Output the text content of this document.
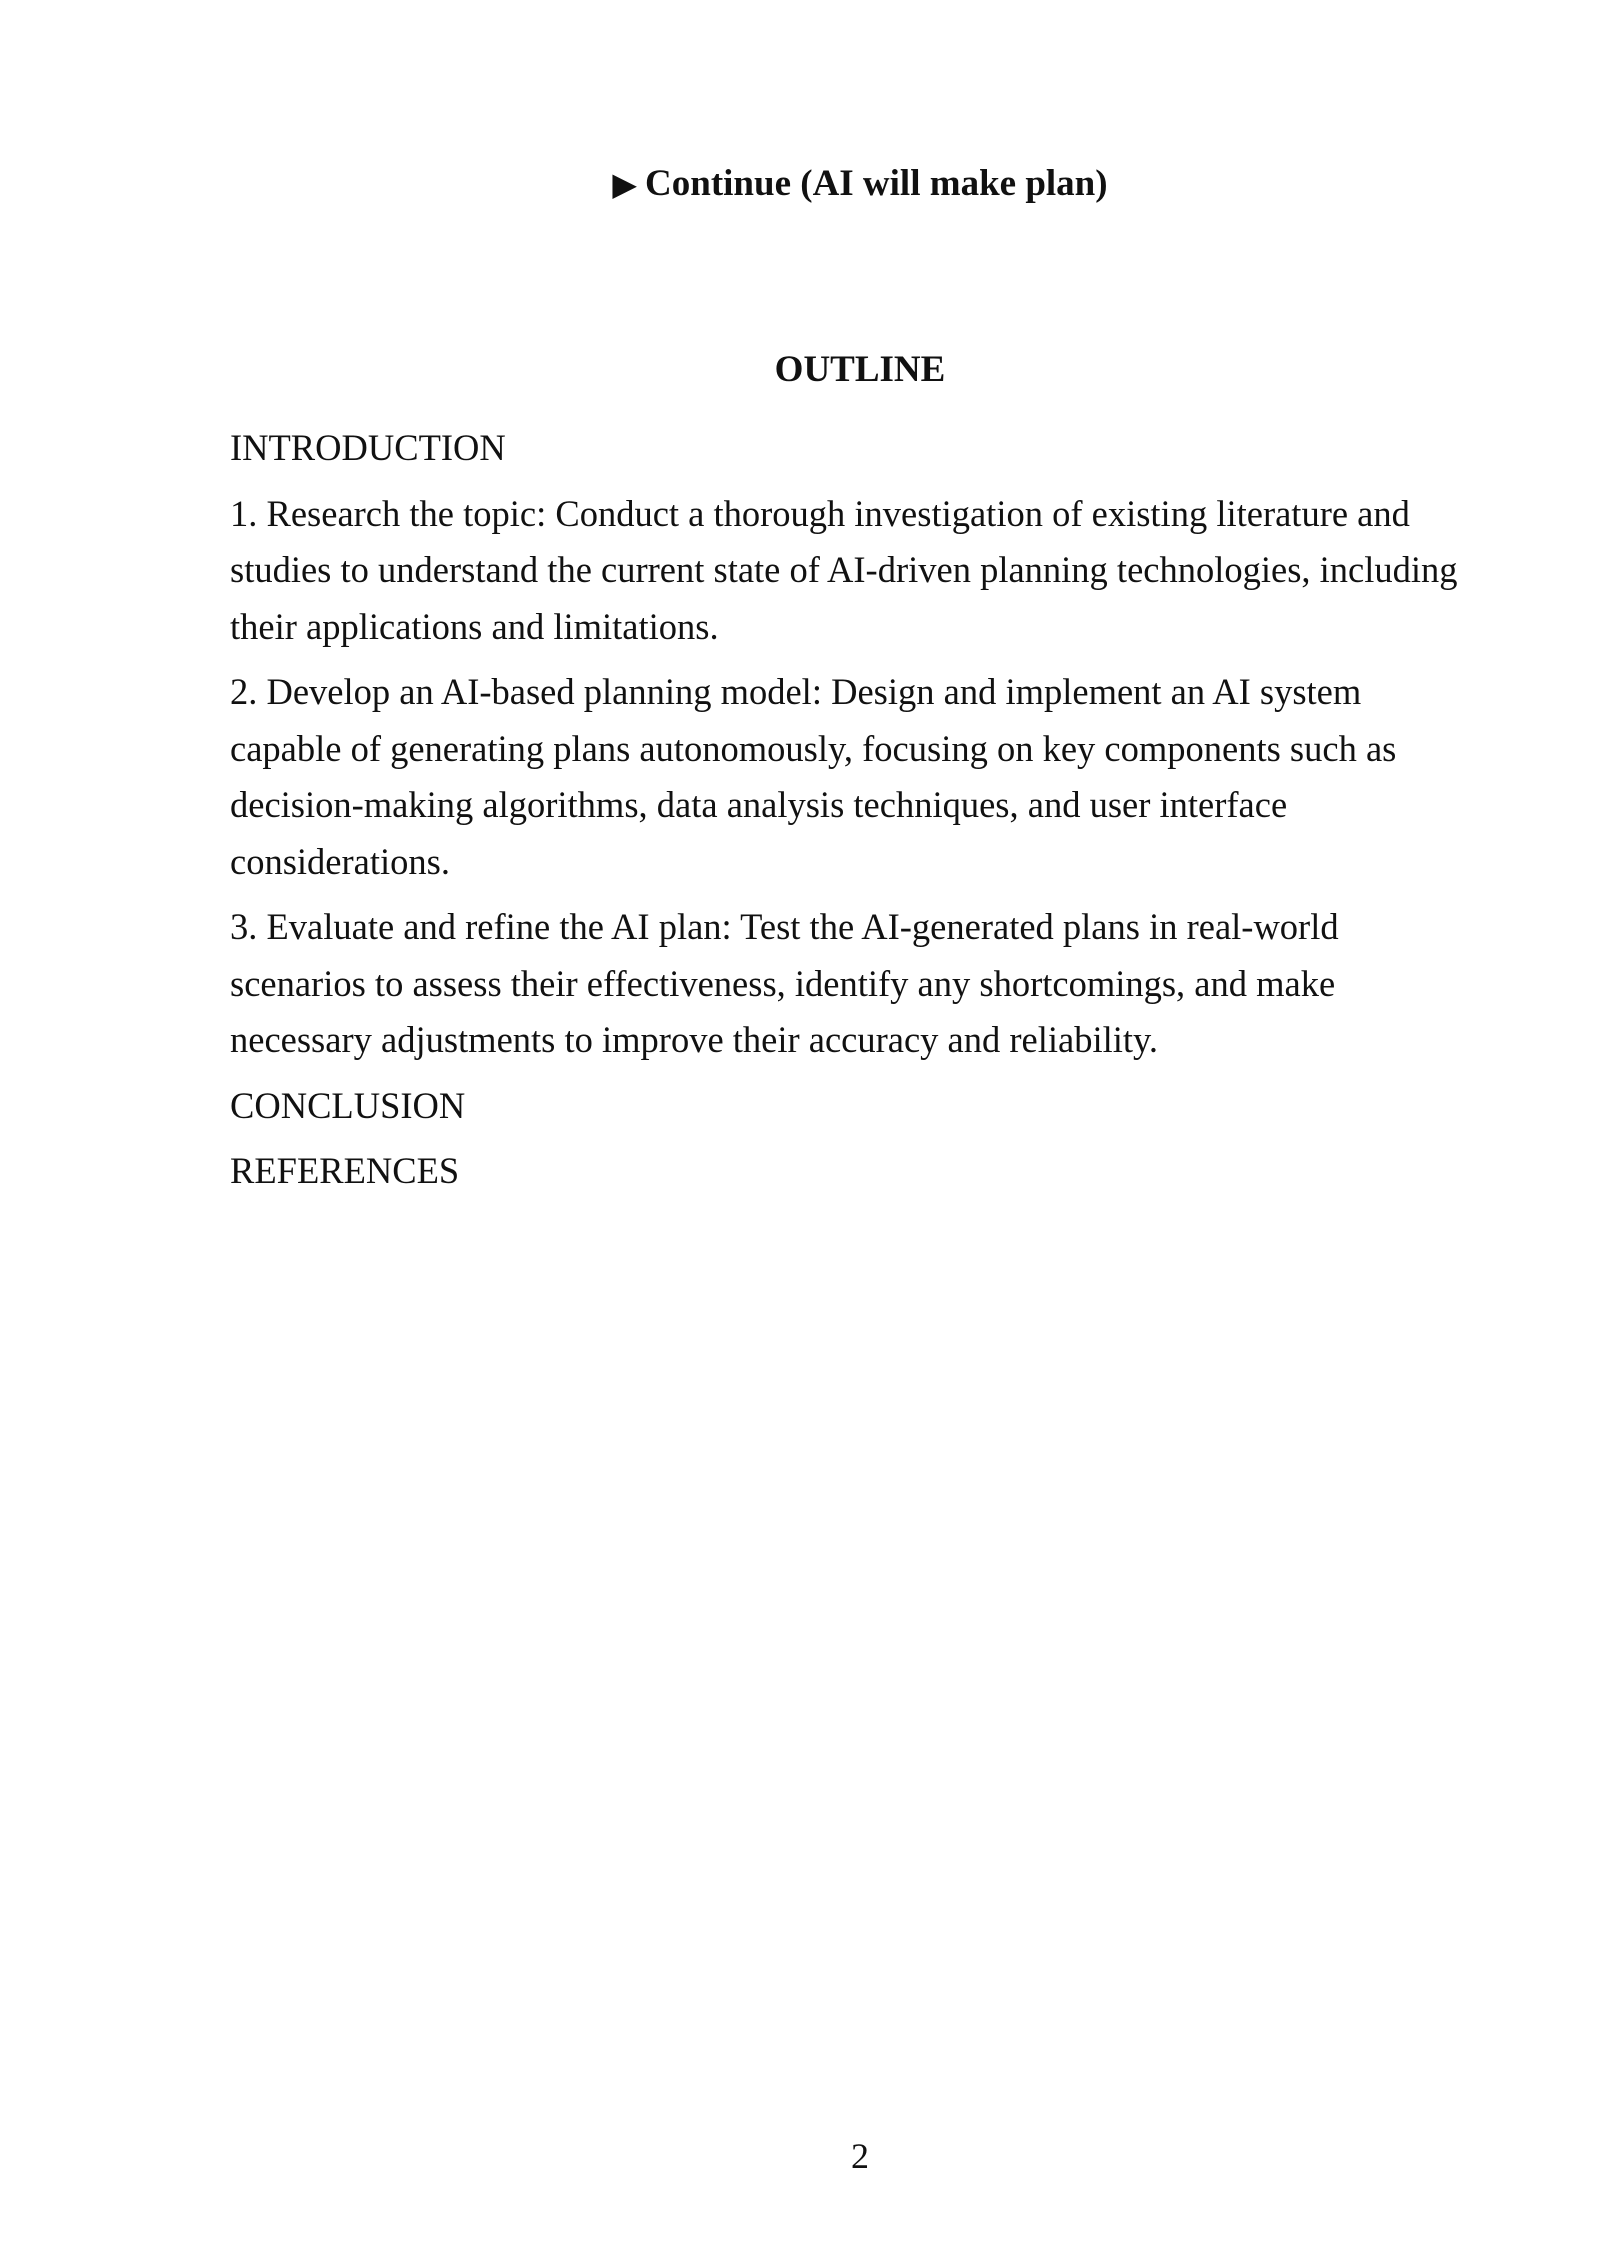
▶ Continue (AI will make plan)
OUTLINE

INTRODUCTION

1. Research the topic: Conduct a thorough investigation of existing literature and studies to understand the current state of AI-driven planning technologies, including their applications and limitations.

2. Develop an AI-based planning model: Design and implement an AI system capable of generating plans autonomously, focusing on key components such as decision-making algorithms, data analysis techniques, and user interface considerations.

3. Evaluate and refine the AI plan: Test the AI-generated plans in real-world scenarios to assess their effectiveness, identify any shortcomings, and make necessary adjustments to improve their accuracy and reliability.

CONCLUSION

REFERENCES

2
